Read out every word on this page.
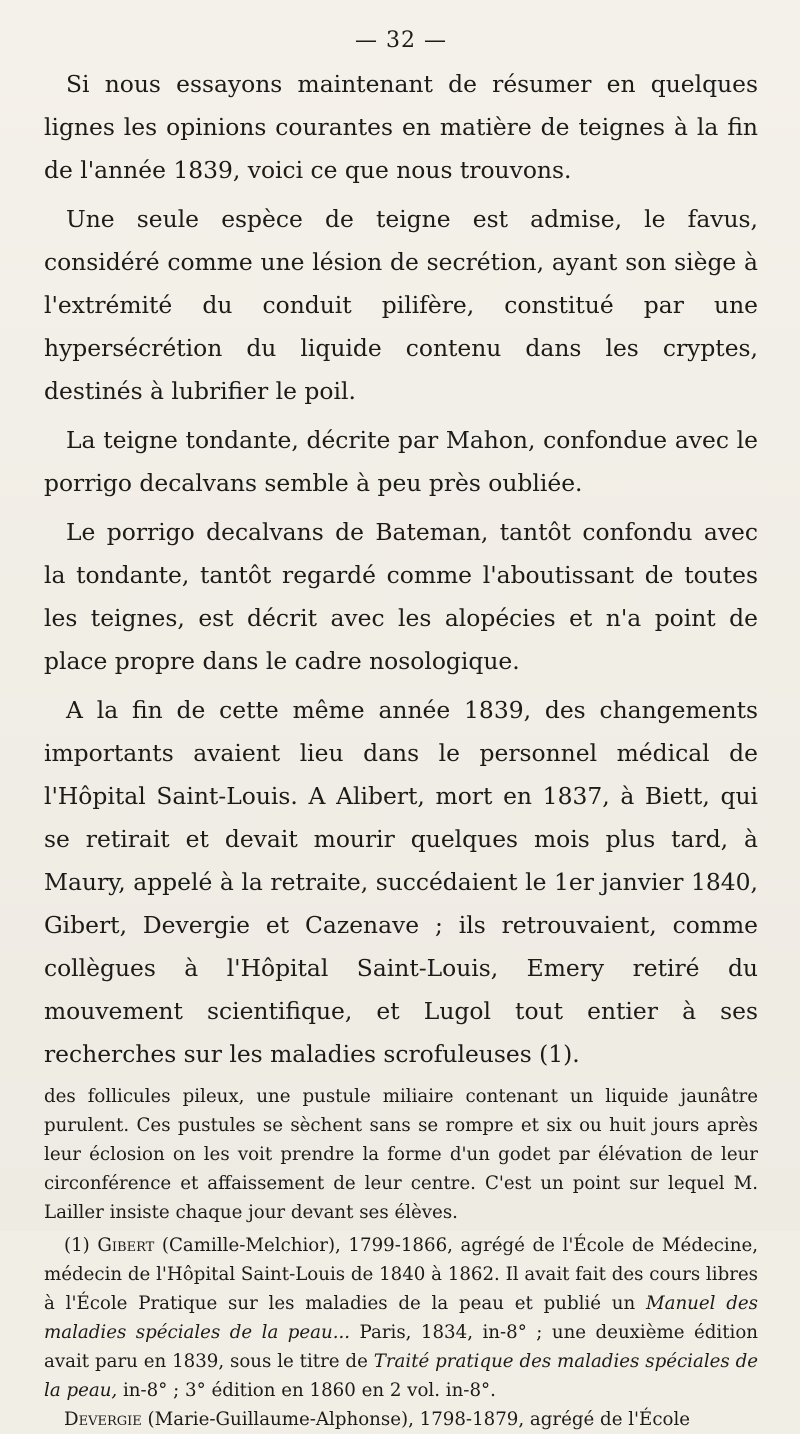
— 32 —

Si nous essayons maintenant de résumer en quelques lignes les opinions courantes en matière de teignes à la fin de l'année 1839, voici ce que nous trouvons.

Une seule espèce de teigne est admise, le favus, considéré comme une lésion de secrétion, ayant son siège à l'extrémité du conduit pilifère, constitué par une hypersécrétion du liquide contenu dans les cryptes, destinés à lubrifier le poil.

La teigne tondante, décrite par Mahon, confondue avec le porrigo decalvans semble à peu près oubliée.

Le porrigo decalvans de Bateman, tantôt confondu avec la tondante, tantôt regardé comme l'aboutissant de toutes les teignes, est décrit avec les alopécies et n'a point de place propre dans le cadre nosologique.

A la fin de cette même année 1839, des changements importants avaient lieu dans le personnel médical de l'Hôpital Saint-Louis. A Alibert, mort en 1837, à Biett, qui se retirait et devait mourir quelques mois plus tard, à Maury, appelé à la retraite, succédaient le 1er janvier 1840, Gibert, Devergie et Cazenave ; ils retrouvaient, comme collègues à l'Hôpital Saint-Louis, Emery retiré du mouvement scientifique, et Lugol tout entier à ses recherches sur les maladies scrofuleuses (1).

des follicules pileux, une pustule miliaire contenant un liquide jaunâtre purulent. Ces pustules se sèchent sans se rompre et six ou huit jours après leur éclosion on les voit prendre la forme d'un godet par élévation de leur circonférence et affaissement de leur centre. C'est un point sur lequel M. Lailler insiste chaque jour devant ses élèves.

(1) Gibert (Camille-Melchior), 1799-1866, agrégé de l'École de Médecine, médecin de l'Hôpital Saint-Louis de 1840 à 1862. Il avait fait des cours libres à l'École Pratique sur les maladies de la peau et publié un Manuel des maladies spéciales de la peau... Paris, 1834, in-8° ; une deuxième édition avait paru en 1839, sous le titre de Traité pratique des maladies spéciales de la peau, in-8° ; 3° édition en 1860 en 2 vol. in-8°.

Devergie (Marie-Guillaume-Alphonse), 1798-1879, agrégé de l'École
